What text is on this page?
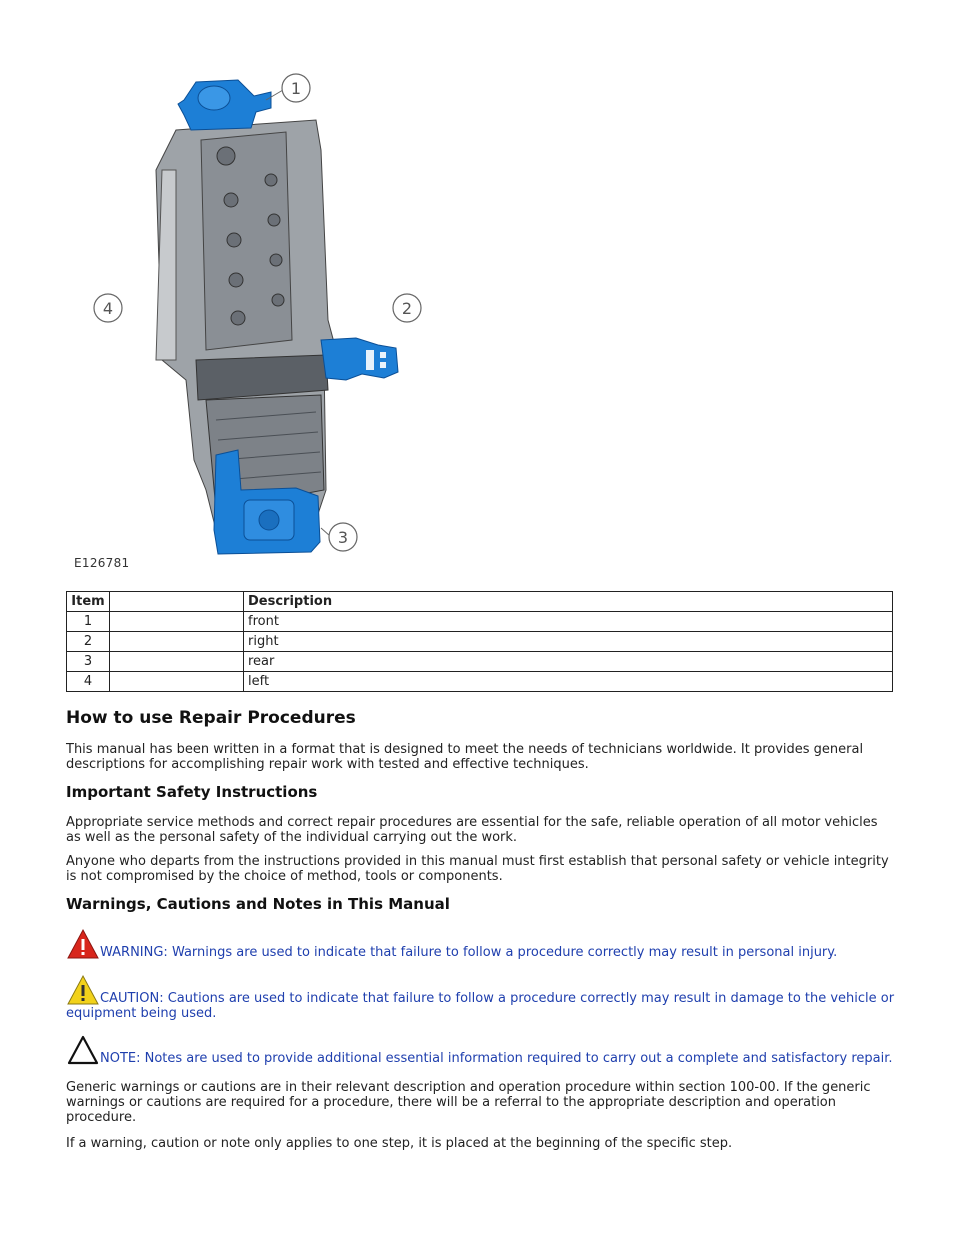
1
2
3
4
E126781
Item		Description
1		front
2		right
3		rear
4		left
How to use Repair Procedures

This manual has been written in a format that is designed to meet the needs of technicians worldwide. It provides general descriptions for accomplishing repair work with tested and effective techniques.

Important Safety Instructions

Appropriate service methods and correct repair procedures are essential for the safe, reliable operation of all motor vehicles as well as the personal safety of the individual carrying out the work.

Anyone who departs from the instructions provided in this manual must first establish that personal safety or vehicle integrity is not compromised by the choice of method, tools or components.

Warnings, Cautions and Notes in This Manual
WARNING: Warnings are used to indicate that failure to follow a procedure correctly may result in personal injury.
CAUTION: Cautions are used to indicate that failure to follow a procedure correctly may result in damage to the vehicle or equipment being used.
NOTE: Notes are used to provide additional essential information required to carry out a complete and satisfactory repair.

Generic warnings or cautions are in their relevant description and operation procedure within section 100-00. If the generic warnings or cautions are required for a procedure, there will be a referral to the appropriate description and operation procedure.

If a warning, caution or note only applies to one step, it is placed at the beginning of the specific step.
